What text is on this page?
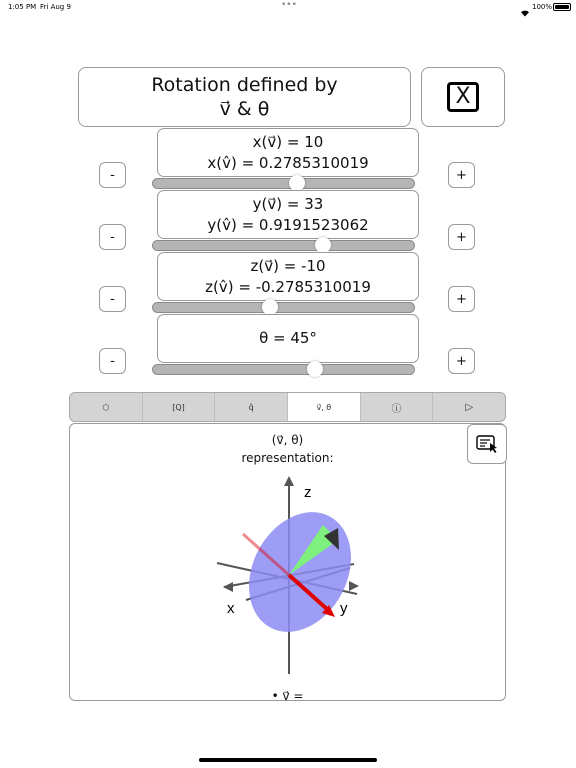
1:05 PM Fri Aug 9	•••	100%
Rotation defined by
v⃗ & θ	X
-	+
x(v⃗) = 10
x(v̂) = 0.2785310019
-	+
y(v⃗) = 33
y(v̂) = 0.9191523062
-	+
z(v⃗) = -10
z(v̂) = -0.2785310019
-	+
θ = 45°
⬡	[Q]	q̂	v⃗, θ	ⓘ	▷
(v⃗, θ)
representation:
z
x	y
• v⃗ =
